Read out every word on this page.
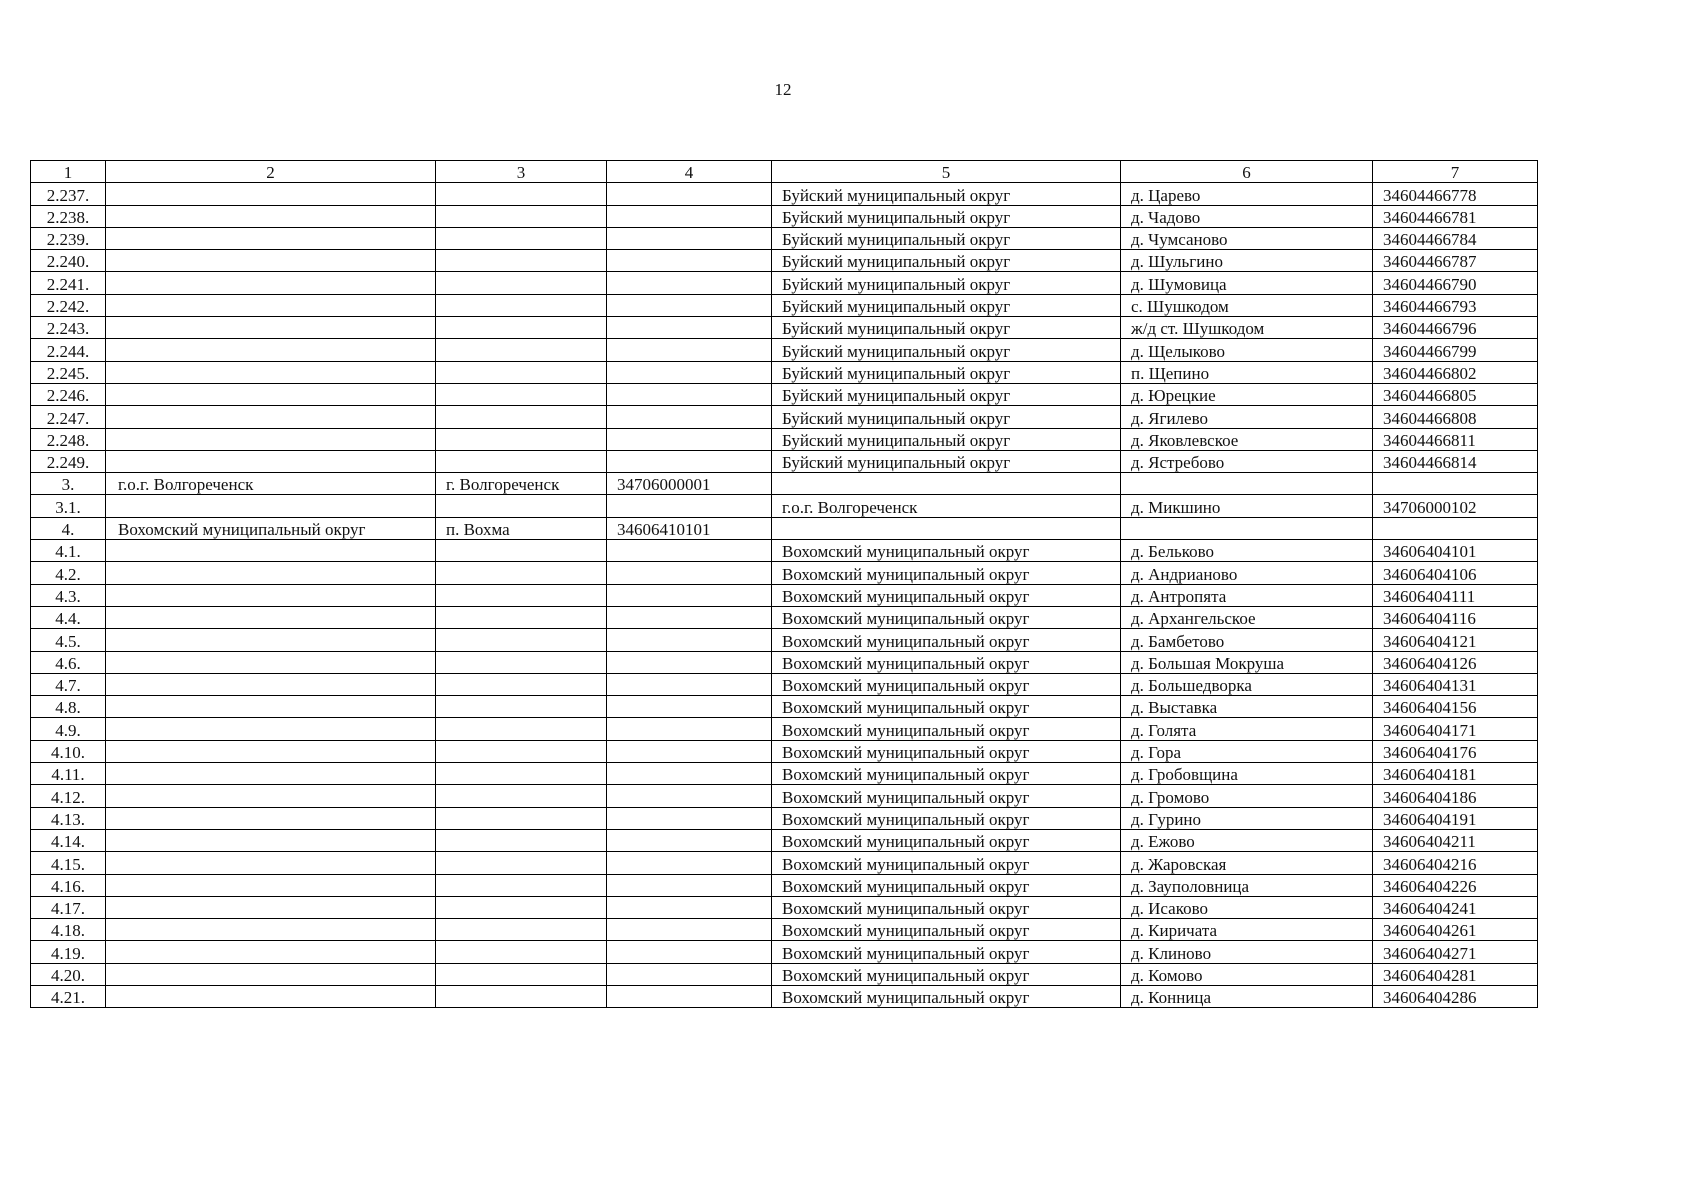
12
1	2	3	4	5	6	7
2.237.				Буйский муниципальный округ	д. Царево	34604466778
2.238.				Буйский муниципальный округ	д. Чадово	34604466781
2.239.				Буйский муниципальный округ	д. Чумсаново	34604466784
2.240.				Буйский муниципальный округ	д. Шульгино	34604466787
2.241.				Буйский муниципальный округ	д. Шумовица	34604466790
2.242.				Буйский муниципальный округ	с. Шушкодом	34604466793
2.243.				Буйский муниципальный округ	ж/д ст. Шушкодом	34604466796
2.244.				Буйский муниципальный округ	д. Щелыково	34604466799
2.245.				Буйский муниципальный округ	п. Щепино	34604466802
2.246.				Буйский муниципальный округ	д. Юрецкие	34604466805
2.247.				Буйский муниципальный округ	д. Ягилево	34604466808
2.248.				Буйский муниципальный округ	д. Яковлевское	34604466811
2.249.				Буйский муниципальный округ	д. Ястребово	34604466814
3.	г.о.г. Волгореченск	г. Волгореченск	34706000001			
3.1.				г.о.г. Волгореченск	д. Микшино	34706000102
4.	Вохомский муниципальный округ	п. Вохма	34606410101			
4.1.				Вохомский муниципальный округ	д. Бельково	34606404101
4.2.				Вохомский муниципальный округ	д. Андрианово	34606404106
4.3.				Вохомский муниципальный округ	д. Антропята	34606404111
4.4.				Вохомский муниципальный округ	д. Архангельское	34606404116
4.5.				Вохомский муниципальный округ	д. Бамбетово	34606404121
4.6.				Вохомский муниципальный округ	д. Большая Мокруша	34606404126
4.7.				Вохомский муниципальный округ	д. Большедворка	34606404131
4.8.				Вохомский муниципальный округ	д. Выставка	34606404156
4.9.				Вохомский муниципальный округ	д. Голята	34606404171
4.10.				Вохомский муниципальный округ	д. Гора	34606404176
4.11.				Вохомский муниципальный округ	д. Гробовщина	34606404181
4.12.				Вохомский муниципальный округ	д. Громово	34606404186
4.13.				Вохомский муниципальный округ	д. Гурино	34606404191
4.14.				Вохомский муниципальный округ	д. Ежово	34606404211
4.15.				Вохомский муниципальный округ	д. Жаровская	34606404216
4.16.				Вохомский муниципальный округ	д. Зауполовница	34606404226
4.17.				Вохомский муниципальный округ	д. Исаково	34606404241
4.18.				Вохомский муниципальный округ	д. Киричата	34606404261
4.19.				Вохомский муниципальный округ	д. Клиново	34606404271
4.20.				Вохомский муниципальный округ	д. Комово	34606404281
4.21.				Вохомский муниципальный округ	д. Конница	34606404286
